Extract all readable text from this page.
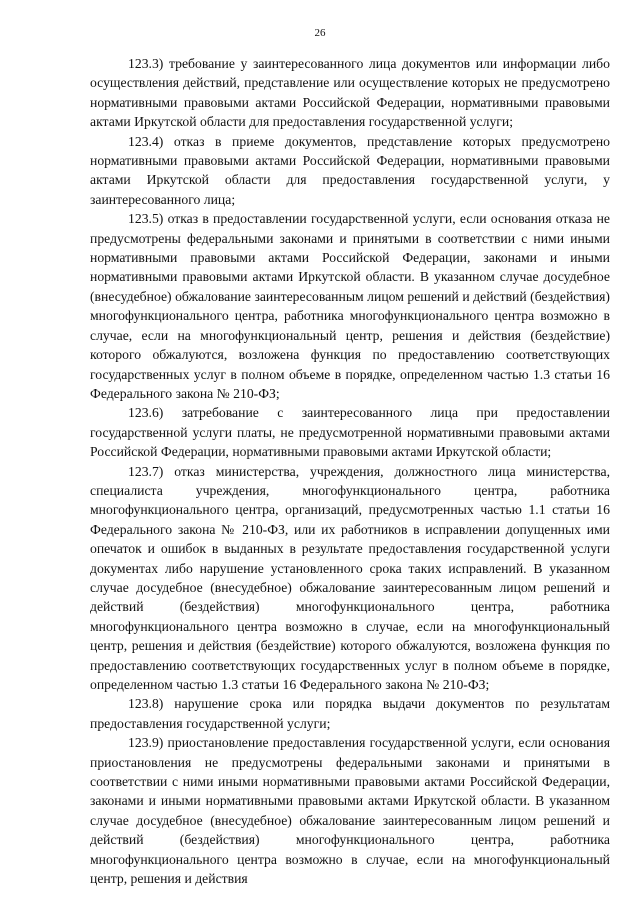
26

123.3) требование у заинтересованного лица документов или информации либо осуществления действий, представление или осуществление которых не предусмотрено нормативными правовыми актами Российской Федерации, нормативными правовыми актами Иркутской области для предоставления государственной услуги;

123.4) отказ в приеме документов, представление которых предусмотрено нормативными правовыми актами Российской Федерации, нормативными правовыми актами Иркутской области для предоставления государственной услуги, у заинтересованного лица;

123.5) отказ в предоставлении государственной услуги, если основания отказа не предусмотрены федеральными законами и принятыми в соответствии с ними иными нормативными правовыми актами Российской Федерации, законами и иными нормативными правовыми актами Иркутской области. В указанном случае досудебное (внесудебное) обжалование заинтересованным лицом решений и действий (бездействия) многофункционального центра, работника многофункционального центра возможно в случае, если на многофункциональный центр, решения и действия (бездействие) которого обжалуются, возложена функция по предоставлению соответствующих государственных услуг в полном объеме в порядке, определенном частью 1.3 статьи 16 Федерального закона № 210-ФЗ;

123.6) затребование с заинтересованного лица при предоставлении государственной услуги платы, не предусмотренной нормативными правовыми актами Российской Федерации, нормативными правовыми актами Иркутской области;

123.7) отказ министерства, учреждения, должностного лица министерства, специалиста учреждения, многофункционального центра, работника многофункционального центра, организаций, предусмотренных частью 1.1 статьи 16 Федерального закона № 210-ФЗ, или их работников в исправлении допущенных ими опечаток и ошибок в выданных в результате предоставления государственной услуги документах либо нарушение установленного срока таких исправлений. В указанном случае досудебное (внесудебное) обжалование заинтересованным лицом решений и действий (бездействия) многофункционального центра, работника многофункционального центра возможно в случае, если на многофункциональный центр, решения и действия (бездействие) которого обжалуются, возложена функция по предоставлению соответствующих государственных услуг в полном объеме в порядке, определенном частью 1.3 статьи 16 Федерального закона № 210-ФЗ;

123.8) нарушение срока или порядка выдачи документов по результатам предоставления государственной услуги;

123.9) приостановление предоставления государственной услуги, если основания приостановления не предусмотрены федеральными законами и принятыми в соответствии с ними иными нормативными правовыми актами Российской Федерации, законами и иными нормативными правовыми актами Иркутской области. В указанном случае досудебное (внесудебное) обжалование заинтересованным лицом решений и действий (бездействия) многофункционального центра, работника многофункционального центра возможно в случае, если на многофункциональный центр, решения и действия
